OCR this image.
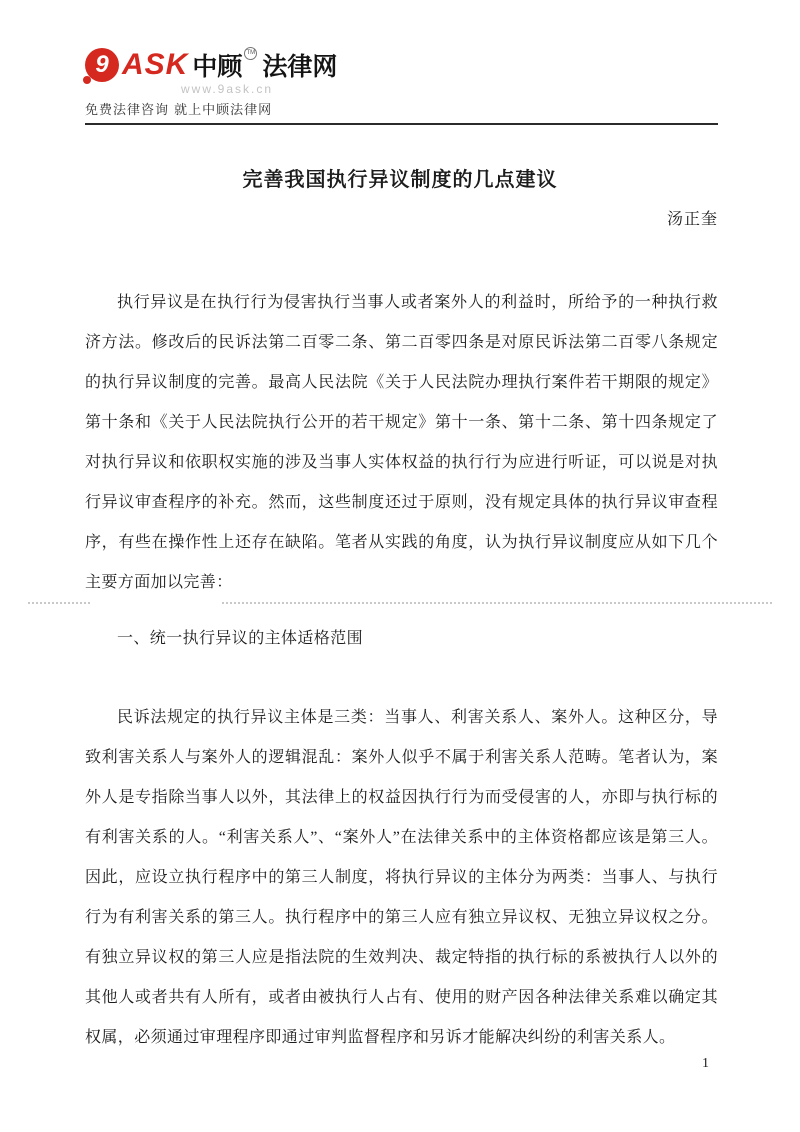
9 ASK 中顾 TM 法律网
www.9ask.cn
免费法律咨询 就上中顾法律网
完善我国执行异议制度的几点建议
汤正奎

执行异议是在执行行为侵害执行当事人或者案外人的利益时，所给予的一种执行救济方法。修改后的民诉法第二百零二条、第二百零四条是对原民诉法第二百零八条规定的执行异议制度的完善。最高人民法院《关于人民法院办理执行案件若干期限的规定》第十条和《关于人民法院执行公开的若干规定》第十一条、第十二条、第十四条规定了对执行异议和依职权实施的涉及当事人实体权益的执行行为应进行听证，可以说是对执行异议审查程序的补充。然而，这些制度还过于原则，没有规定具体的执行异议审查程序，有些在操作性上还存在缺陷。笔者从实践的角度，认为执行异议制度应从如下几个主要方面加以完善：

一、统一执行异议的主体适格范围

民诉法规定的执行异议主体是三类：当事人、利害关系人、案外人。这种区分，导致利害关系人与案外人的逻辑混乱：案外人似乎不属于利害关系人范畴。笔者认为，案外人是专指除当事人以外，其法律上的权益因执行行为而受侵害的人，亦即与执行标的有利害关系的人。“利害关系人”、“案外人”在法律关系中的主体资格都应该是第三人。因此，应设立执行程序中的第三人制度，将执行异议的主体分为两类：当事人、与执行行为有利害关系的第三人。执行程序中的第三人应有独立异议权、无独立异议权之分。有独立异议权的第三人应是指法院的生效判决、裁定特指的执行标的系被执行人以外的其他人或者共有人所有，或者由被执行人占有、使用的财产因各种法律关系难以确定其权属，必须通过审理程序即通过审判监督程序和另诉才能解决纠纷的利害关系人。

1
